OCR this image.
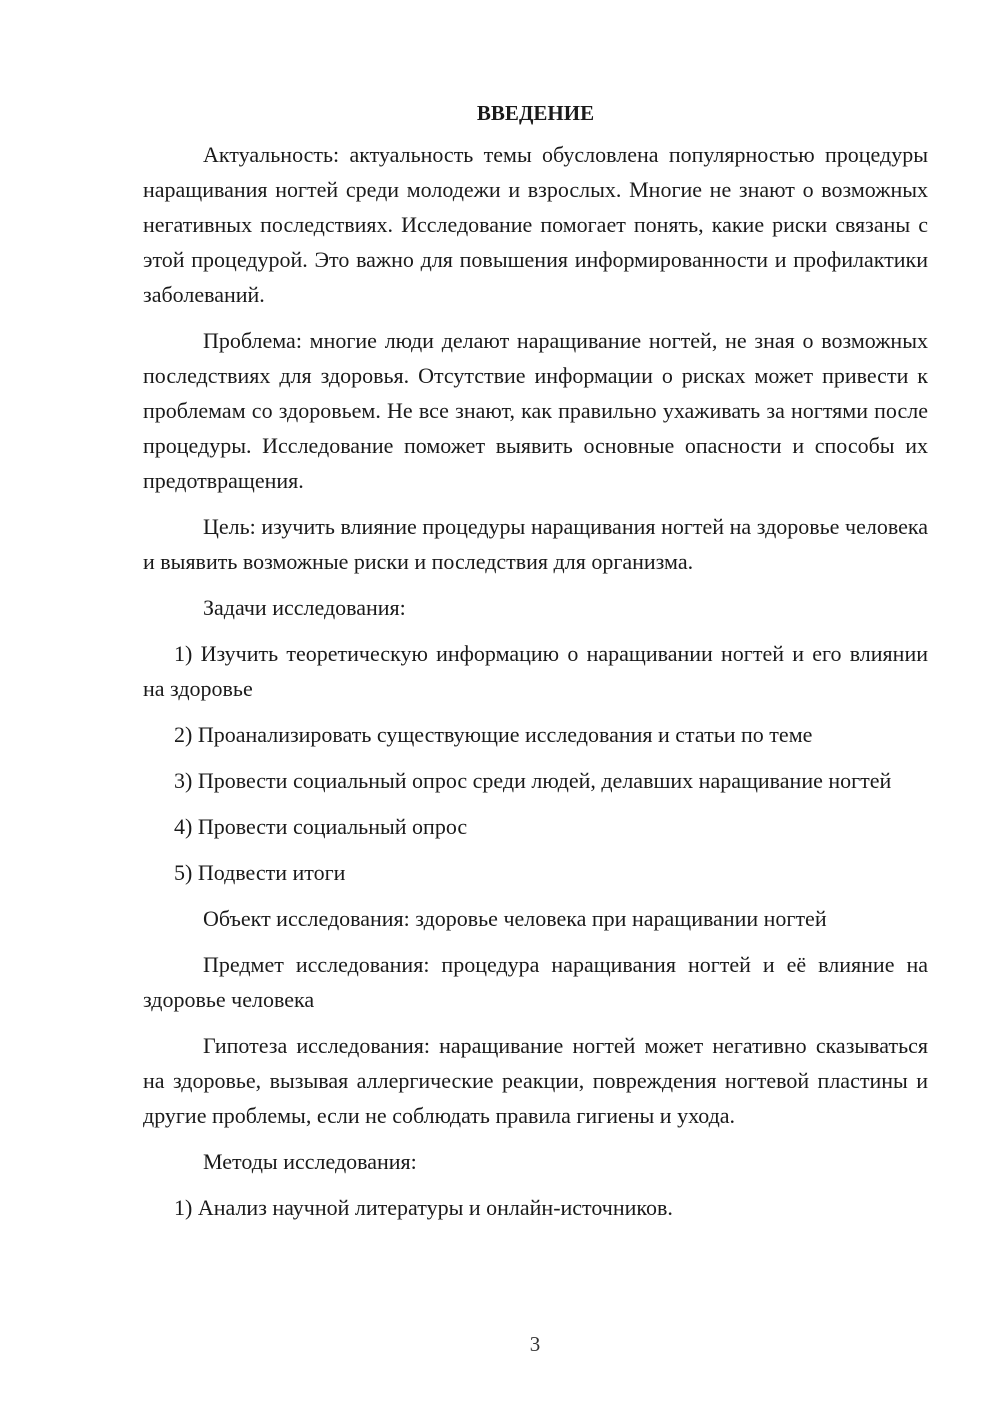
ВВЕДЕНИЕ

Актуальность: актуальность темы обусловлена популярностью процедуры наращивания ногтей среди молодежи и взрослых. Многие не знают о возможных негативных последствиях. Исследование помогает понять, какие риски связаны с этой процедурой. Это важно для повышения информированности и профилактики заболеваний.

Проблема: многие люди делают наращивание ногтей, не зная о возможных последствиях для здоровья. Отсутствие информации о рисках может привести к проблемам со здоровьем. Не все знают, как правильно ухаживать за ногтями после процедуры. Исследование поможет выявить основные опасности и способы их предотвращения.

Цель: изучить влияние процедуры наращивания ногтей на здоровье человека и выявить возможные риски и последствия для организма.

Задачи исследования:

1) Изучить теоретическую информацию о наращивании ногтей и его влиянии на здоровье

2) Проанализировать существующие исследования и статьи по теме

3) Провести социальный опрос среди людей, делавших наращивание ногтей

4) Провести социальный опрос

5) Подвести итоги

Объект исследования: здоровье человека при наращивании ногтей

Предмет исследования: процедура наращивания ногтей и её влияние на здоровье человека

Гипотеза исследования: наращивание ногтей может негативно сказываться на здоровье, вызывая аллергические реакции, повреждения ногтевой пластины и другие проблемы, если не соблюдать правила гигиены и ухода.

Методы исследования:

1) Анализ научной литературы и онлайн-источников.

3
